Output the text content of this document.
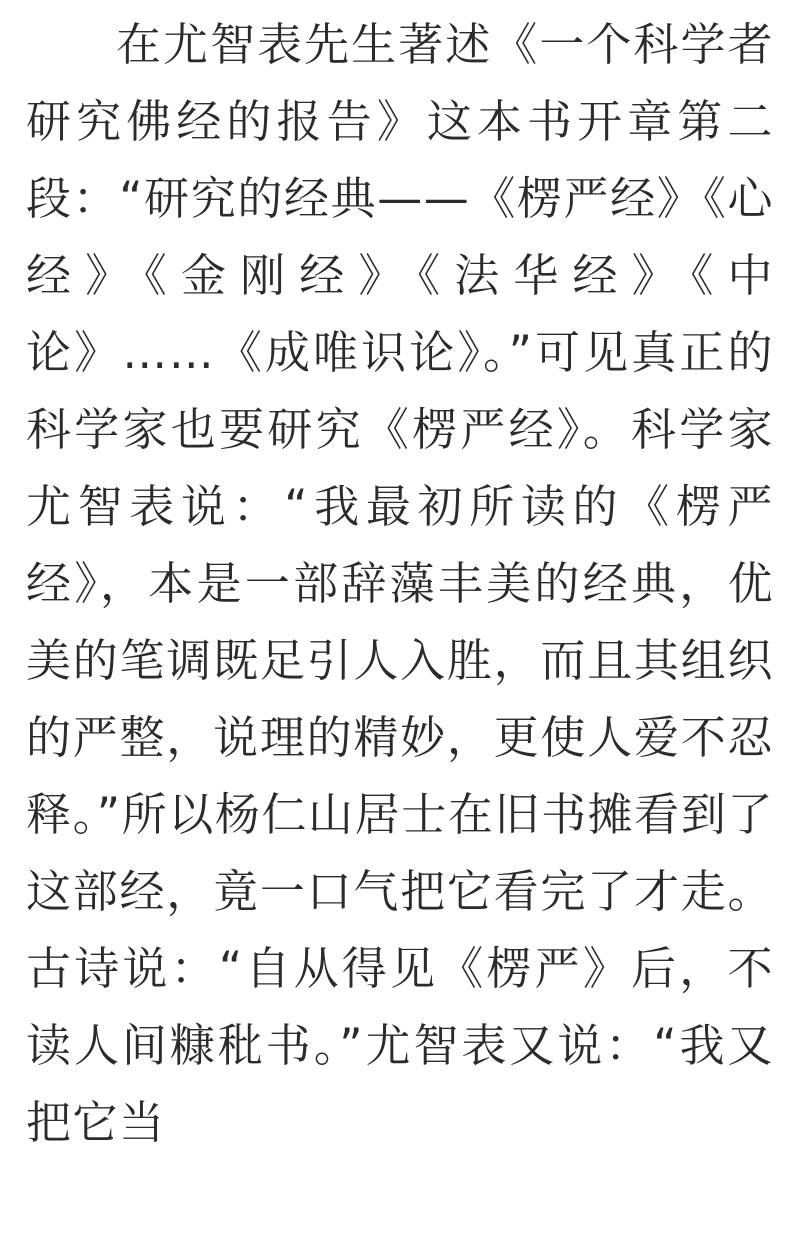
在尤智表先生著述《一个科学者研究佛经的报告》这本书开章第二段：“研究的经典——《楞严经》《心经》《金刚经》《法华经》《中论》……《成唯识论》。”可见真正的科学家也要研究《楞严经》。科学家尤智表说：“我最初所读的《楞严经》，本是一部辞藻丰美的经典，优美的笔调既足引人入胜，而且其组织的严整，说理的精妙，更使人爱不忍释。”所以杨仁山居士在旧书摊看到了这部经，竟一口气把它看完了才走。古诗说：“自从得见《楞严》后，不读人间糠秕书。”尤智表又说：“我又把它当
